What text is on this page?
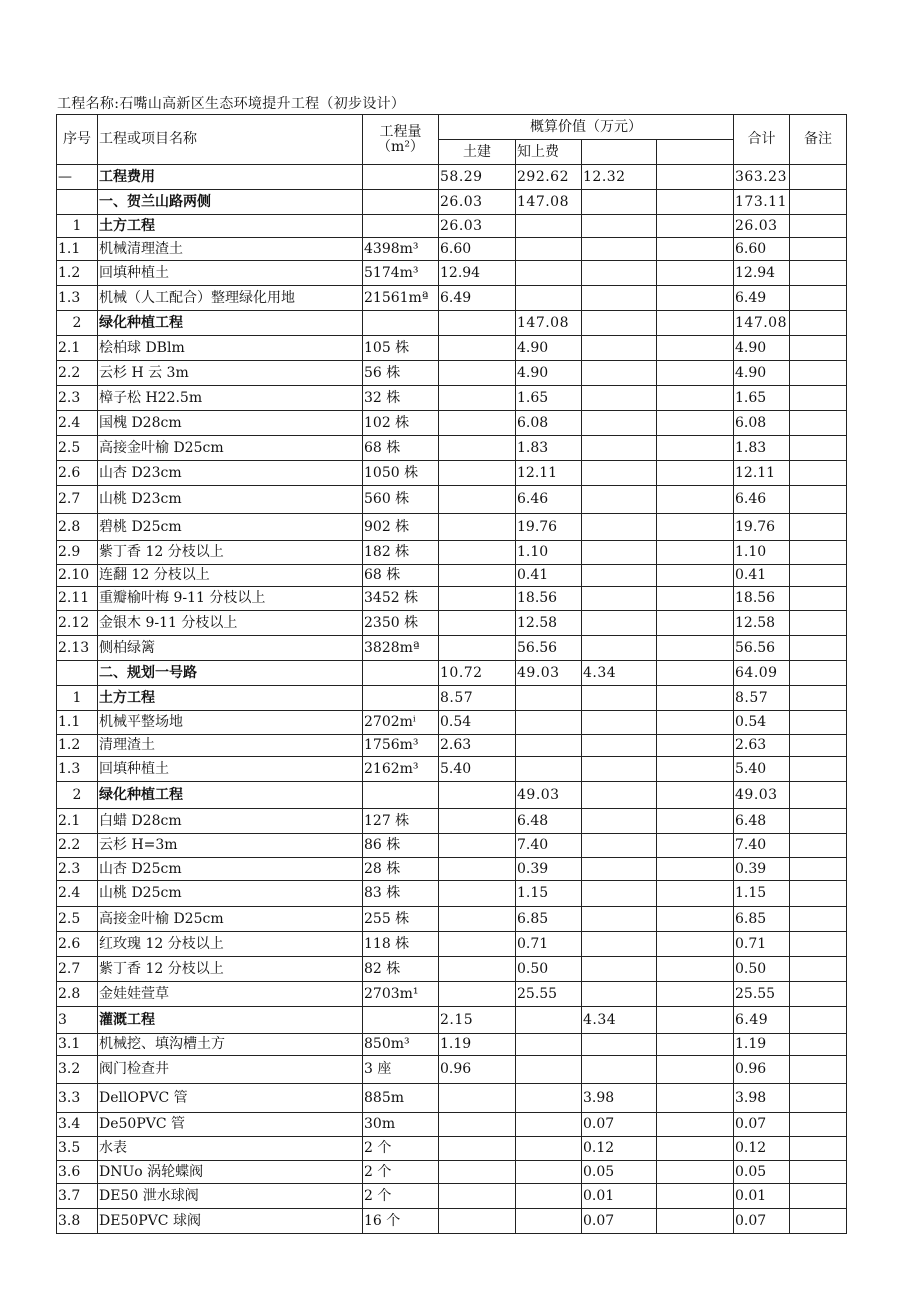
工程名称:石嘴山高新区生态环境提升工程（初步设计）
序号	工程或项目名称	工程量（m²）	概算价值（万元）				合计	备注
			土建	知上费				
—	工程费用		58.29	292.62	12.32		363.23	
	一、贺兰山路两侧		26.03	147.08			173.11	
1	土方工程		26.03				26.03	
1.1	机械清理渣土	4398m³	6.60				6.60	
1.2	回填种植土	5174m³	12.94				12.94	
1.3	机械（人工配合）整理绿化用地	21561mª	6.49				6.49	
2	绿化种植工程			147.08			147.08	
2.1	桧柏球 DBlm	105 株		4.90			4.90	
2.2	云杉 H 云 3m	56 株		4.90			4.90	
2.3	樟子松 H22.5m	32 株		1.65			1.65	
2.4	国槐 D28cm	102 株		6.08			6.08	
2.5	高接金叶榆 D25cm	68 株		1.83			1.83	
2.6	山杏 D23cm	1050 株		12.11			12.11	
2.7	山桃 D23cm	560 株		6.46			6.46	
2.8	碧桃 D25cm	902 株		19.76			19.76	
2.9	紫丁香 12 分枝以上	182 株		1.10			1.10	
2.10	连翻 12 分枝以上	68 株		0.41			0.41	
2.11	重瓣榆叶梅 9-11 分枝以上	3452 株		18.56			18.56	
2.12	金银木 9-11 分枝以上	2350 株		12.58			12.58	
2.13	侧柏绿篱	3828mª		56.56			56.56	
	二、规划一号路		10.72	49.03	4.34		64.09	
1	土方工程		8.57				8.57	
1.1	机械平整场地	2702mⁱ	0.54				0.54	
1.2	清理渣土	1756m³	2.63				2.63	
1.3	回填种植土	2162m³	5.40				5.40	
2	绿化种植工程			49.03			49.03	
2.1	白蜡 D28cm	127 株		6.48			6.48	
2.2	云杉 H=3m	86 株		7.40			7.40	
2.3	山杏 D25cm	28 株		0.39			0.39	
2.4	山桃 D25cm	83 株		1.15			1.15	
2.5	高接金叶榆 D25cm	255 株		6.85			6.85	
2.6	红玫瑰 12 分枝以上	118 株		0.71			0.71	
2.7	紫丁香 12 分枝以上	82 株		0.50			0.50	
2.8	金娃娃萱草	2703m¹		25.55			25.55	
3	灌溉工程		2.15		4.34		6.49	
3.1	机械挖、填沟槽土方	850m³	1.19				1.19	
3.2	阀门检查井	3 座	0.96				0.96	
3.3	DellOPVC 管	885m			3.98		3.98	
3.4	De50PVC 管	30m			0.07		0.07	
3.5	水表	2 个			0.12		0.12	
3.6	DNUo 涡轮蝶阀	2 个			0.05		0.05	
3.7	DE50 泄水球阀	2 个			0.01		0.01	
3.8	DE50PVC 球阀	16 个			0.07		0.07	
